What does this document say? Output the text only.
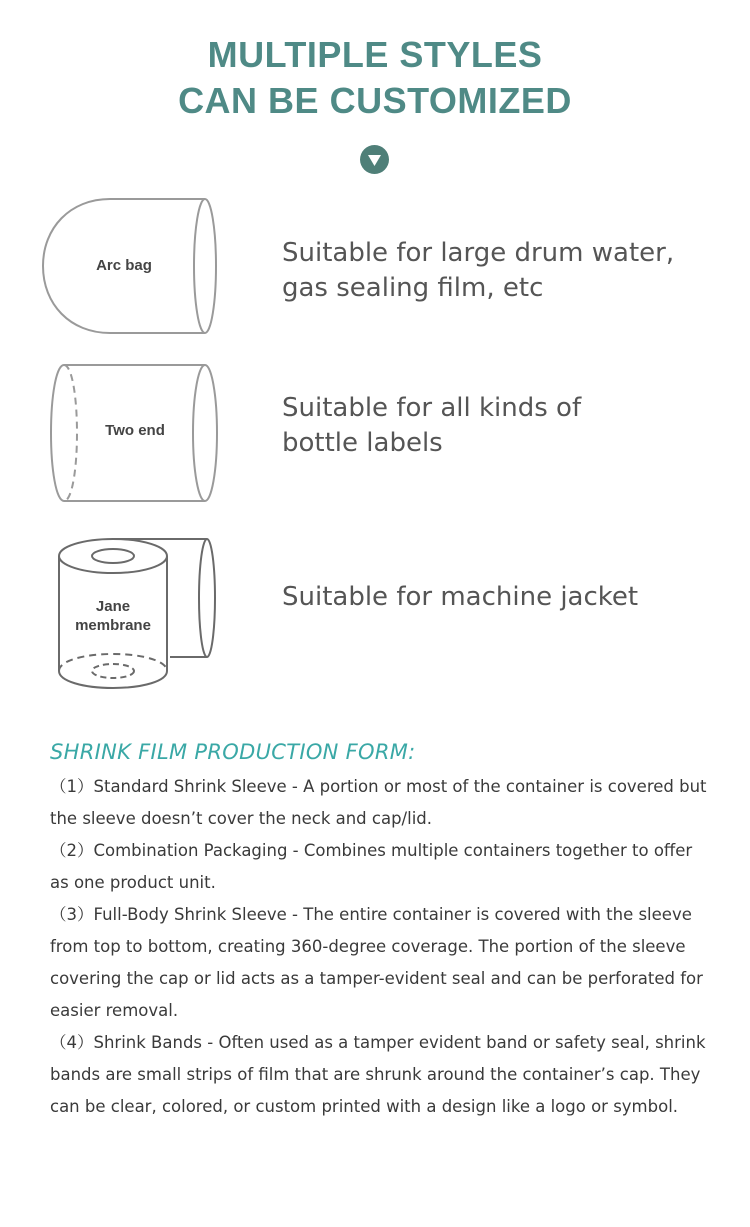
MULTIPLE STYLES
CAN BE CUSTOMIZED
Arc bag	Suitable for large drum water,
gas sealing film, etc
Two end
Suitable for all kinds of
bottle labels
Jane
membrane
Suitable for machine jacket
SHRINK FILM PRODUCTION FORM:

（1）Standard Shrink Sleeve - A portion or most of the container is covered but the sleeve doesn’t cover the neck and cap/lid.

（2）Combination Packaging - Combines multiple containers together to offer as one product unit.

（3）Full-Body Shrink Sleeve - The entire container is covered with the sleeve from top to bottom, creating 360-degree coverage. The portion of the sleeve covering the cap or lid acts as a tamper-evident seal and can be perforated for easier removal.

（4）Shrink Bands - Often used as a tamper evident band or safety seal, shrink bands are small strips of film that are shrunk around the container’s cap. They can be clear, colored, or custom printed with a design like a logo or symbol.
